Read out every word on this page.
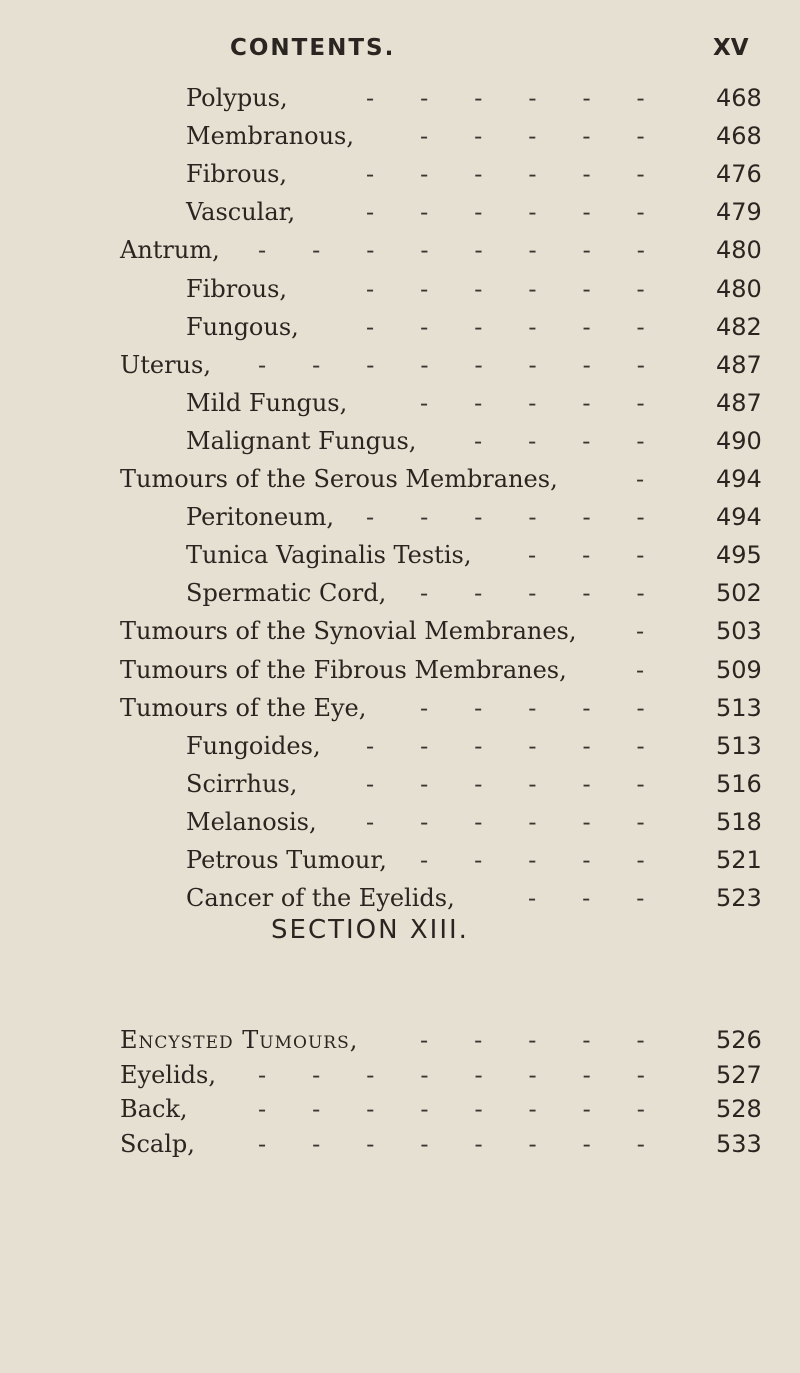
CONTENTS.	XV
Polypus,	468
------
Membranous,	468
-----
Fibrous,	476
------
Vascular,	479
------
Antrum,	480
--------
Fibrous,	480
------
Fungous,	482
------
Uterus,	487
--------
Mild Fungus,	487
-----
Malignant Fungus,	490
----
Tumours of the Serous Membranes,	494
-
Peritoneum,	494
------
Tunica Vaginalis Testis,	495
---
Spermatic Cord,	502
-----
Tumours of the Synovial Membranes,	503
-
Tumours of the Fibrous Membranes,	509
-
Tumours of the Eye,	513
-----
Fungoides,	513
------
Scirrhus,	516
------
Melanosis,	518
------
Petrous Tumour,	521
-----
Cancer of the Eyelids,	523
---
SECTION XIII.
Encysted Tumours,	526
-----
Eyelids,	527
--------
Back,	528
--------
Scalp,	533
--------
